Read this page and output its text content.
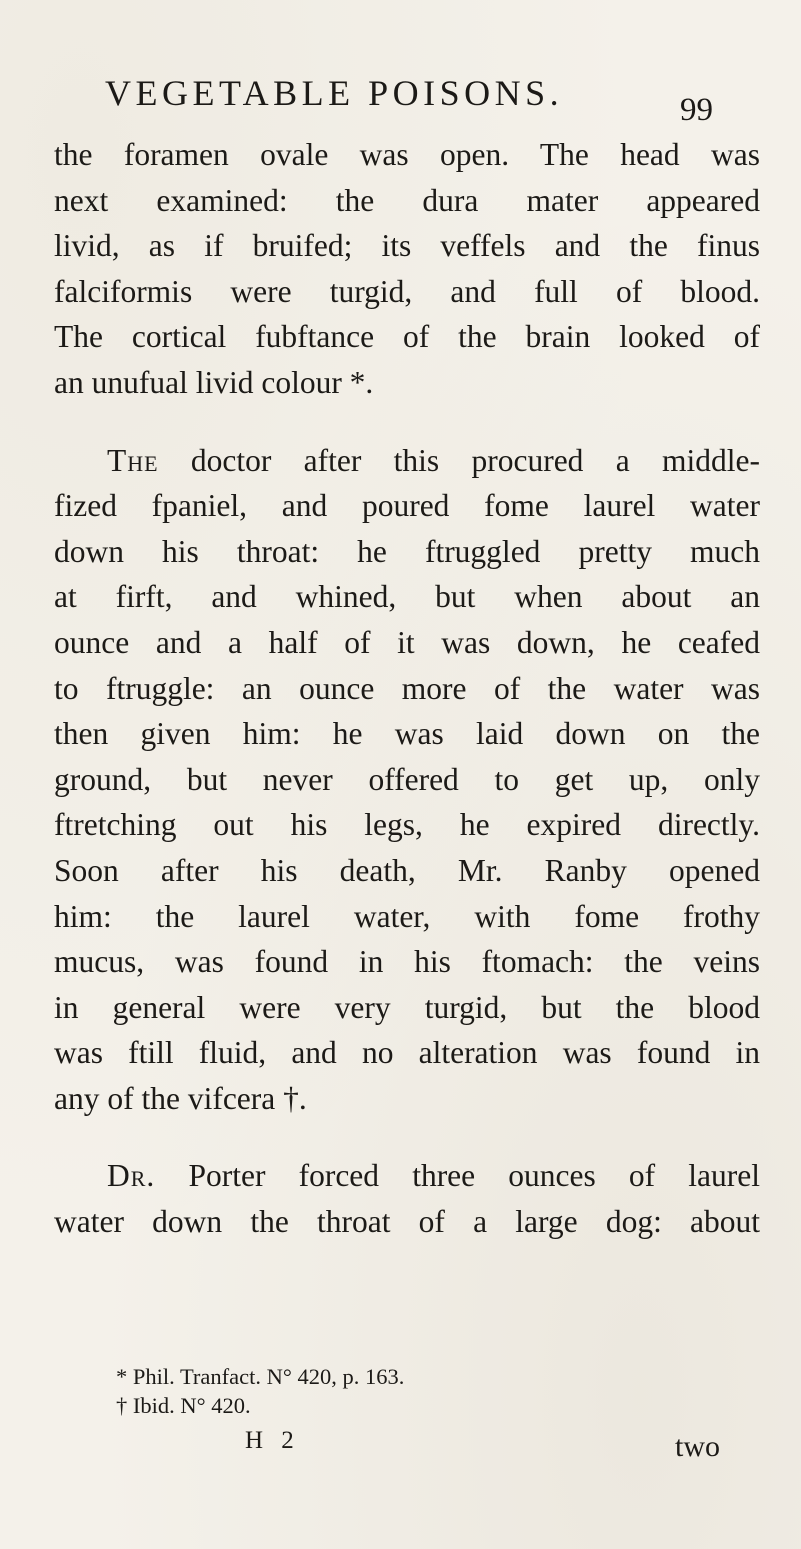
VEGETABLE POISONS.	99
the foramen ovale was open. The head was
next examined: the dura mater appeared
livid, as if bruifed; its veffels and the finus
falciformis were turgid, and full of blood.
The cortical fubftance of the brain looked of
an unufual livid colour *.
The doctor after this procured a middle-
fized fpaniel, and poured fome laurel water
down his throat: he ftruggled pretty much
at firft, and whined, but when about an
ounce and a half of it was down, he ceafed
to ftruggle: an ounce more of the water was
then given him: he was laid down on the
ground, but never offered to get up, only
ftretching out his legs, he expired directly.
Soon after his death, Mr. Ranby opened
him: the laurel water, with fome frothy
mucus, was found in his ftomach: the veins
in general were very turgid, but the blood
was ftill fluid, and no alteration was found in
any of the vifcera †.
Dr. Porter forced three ounces of laurel
water down the throat of a large dog: about
* Phil. Tranfact. N° 420, p. 163.
† Ibid. N° 420.
H 2	two
